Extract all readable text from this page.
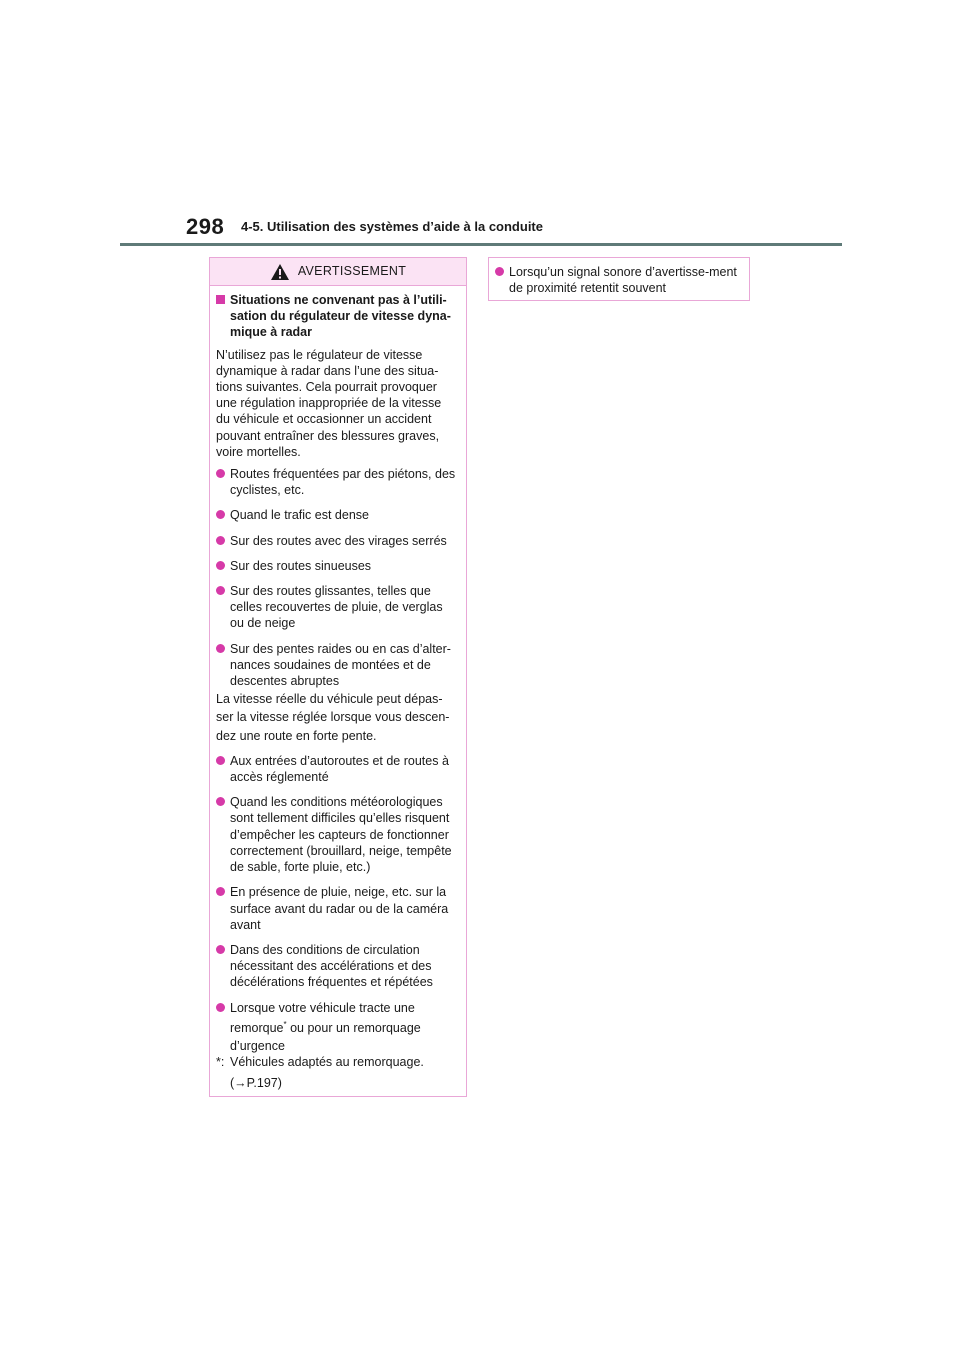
298 4-5. Utilisation des systèmes d’aide à la conduite
AVERTISSEMENT
Situations ne convenant pas à l’utili-sation du régulateur de vitesse dyna-mique à radar

N’utilisez pas le régulateur de vitesse dynamique à radar dans l’une des situa-tions suivantes. Cela pourrait provoquer une régulation inappropriée de la vitesse du véhicule et occasionner un accident pouvant entraîner des blessures graves, voire mortelles.

Routes fréquentées par des piétons, des cyclistes, etc.
Quand le trafic est dense
Sur des routes avec des virages serrés
Sur des routes sinueuses
Sur des routes glissantes, telles que celles recouvertes de pluie, de verglas ou de neige
Sur des pentes raides ou en cas d’alter-nances soudaines de montées et de descentes abruptes
La vitesse réelle du véhicule peut dépas-
ser la vitesse réglée lorsque vous descen-
dez une route en forte pente.
Aux entrées d’autoroutes et de routes à accès réglementé
Quand les conditions météorologiques sont tellement difficiles qu’elles risquent d’empêcher les capteurs de fonctionner correctement (brouillard, neige, tempête de sable, forte pluie, etc.)
En présence de pluie, neige, etc. sur la surface avant du radar ou de la caméra avant
Dans des conditions de circulation nécessitant des accélérations et des décélérations fréquentes et répétées
Lorsque votre véhicule tracte une
remorque* ou pour un remorquage
d’urgence
*: Véhicules adaptés au remorquage.
(→P.197)
Lorsqu’un signal sonore d’avertisse-ment de proximité retentit souvent
